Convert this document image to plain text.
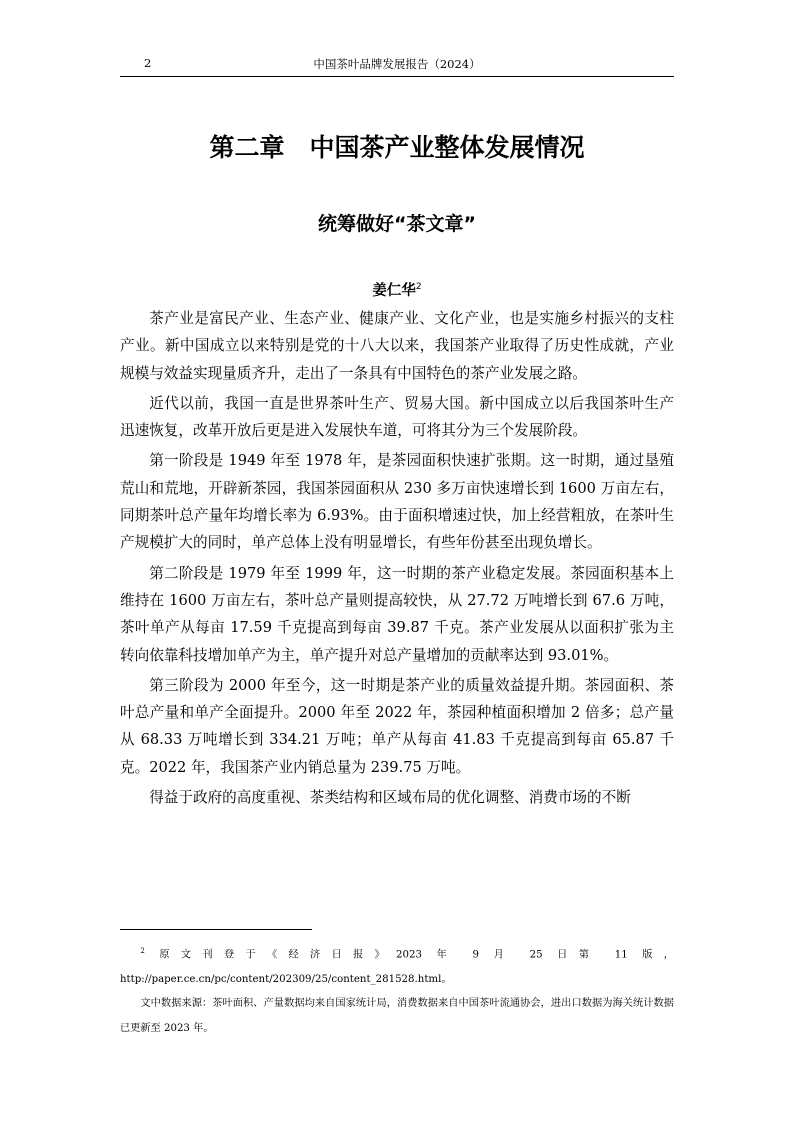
2	中国茶叶品牌发展报告（2024）
第二章　中国茶产业整体发展情况
统筹做好“茶文章”
姜仁华$^2$

茶产业是富民产业、生态产业、健康产业、文化产业，也是实施乡村振兴的支柱产业。新中国成立以来特别是党的十八大以来，我国茶产业取得了历史性成就，产业规模与效益实现量质齐升，走出了一条具有中国特色的茶产业发展之路。

近代以前，我国一直是世界茶叶生产、贸易大国。新中国成立以后我国茶叶生产迅速恢复，改革开放后更是进入发展快车道，可将其分为三个发展阶段。

第一阶段是 1949 年至 1978 年，是茶园面积快速扩张期。这一时期，通过垦殖荒山和荒地，开辟新茶园，我国茶园面积从 230 多万亩快速增长到 1600 万亩左右，同期茶叶总产量年均增长率为 6.93%。由于面积增速过快，加上经营粗放，在茶叶生产规模扩大的同时，单产总体上没有明显增长，有些年份甚至出现负增长。

第二阶段是 1979 年至 1999 年，这一时期的茶产业稳定发展。茶园面积基本上维持在 1600 万亩左右，茶叶总产量则提高较快，从 27.72 万吨增长到 67.6 万吨，茶叶单产从每亩 17.59 千克提高到每亩 39.87 千克。茶产业发展从以面积扩张为主转向依靠科技增加单产为主，单产提升对总产量增加的贡献率达到 93.01%。

第三阶段为 2000 年至今，这一时期是茶产业的质量效益提升期。茶园面积、茶叶总产量和单产全面提升。2000 年至 2022 年，茶园种植面积增加 2 倍多；总产量从 68.33 万吨增长到 334.21 万吨；单产从每亩 41.83 千克提高到每亩 65.87 千克。2022 年，我国茶产业内销总量为 239.75 万吨。

得益于政府的高度重视、茶类结构和区域布局的优化调整、消费市场的不断

$^2$ 原文刊登于《经济日报》2023 年 9 月 25 日第 11 版，http://paper.ce.cn/pc/content/202309/25/content_281528.html。

文中数据来源：茶叶面积、产量数据均来自国家统计局，消费数据来自中国茶叶流通协会，进出口数据为海关统计数据已更新至 2023 年。
